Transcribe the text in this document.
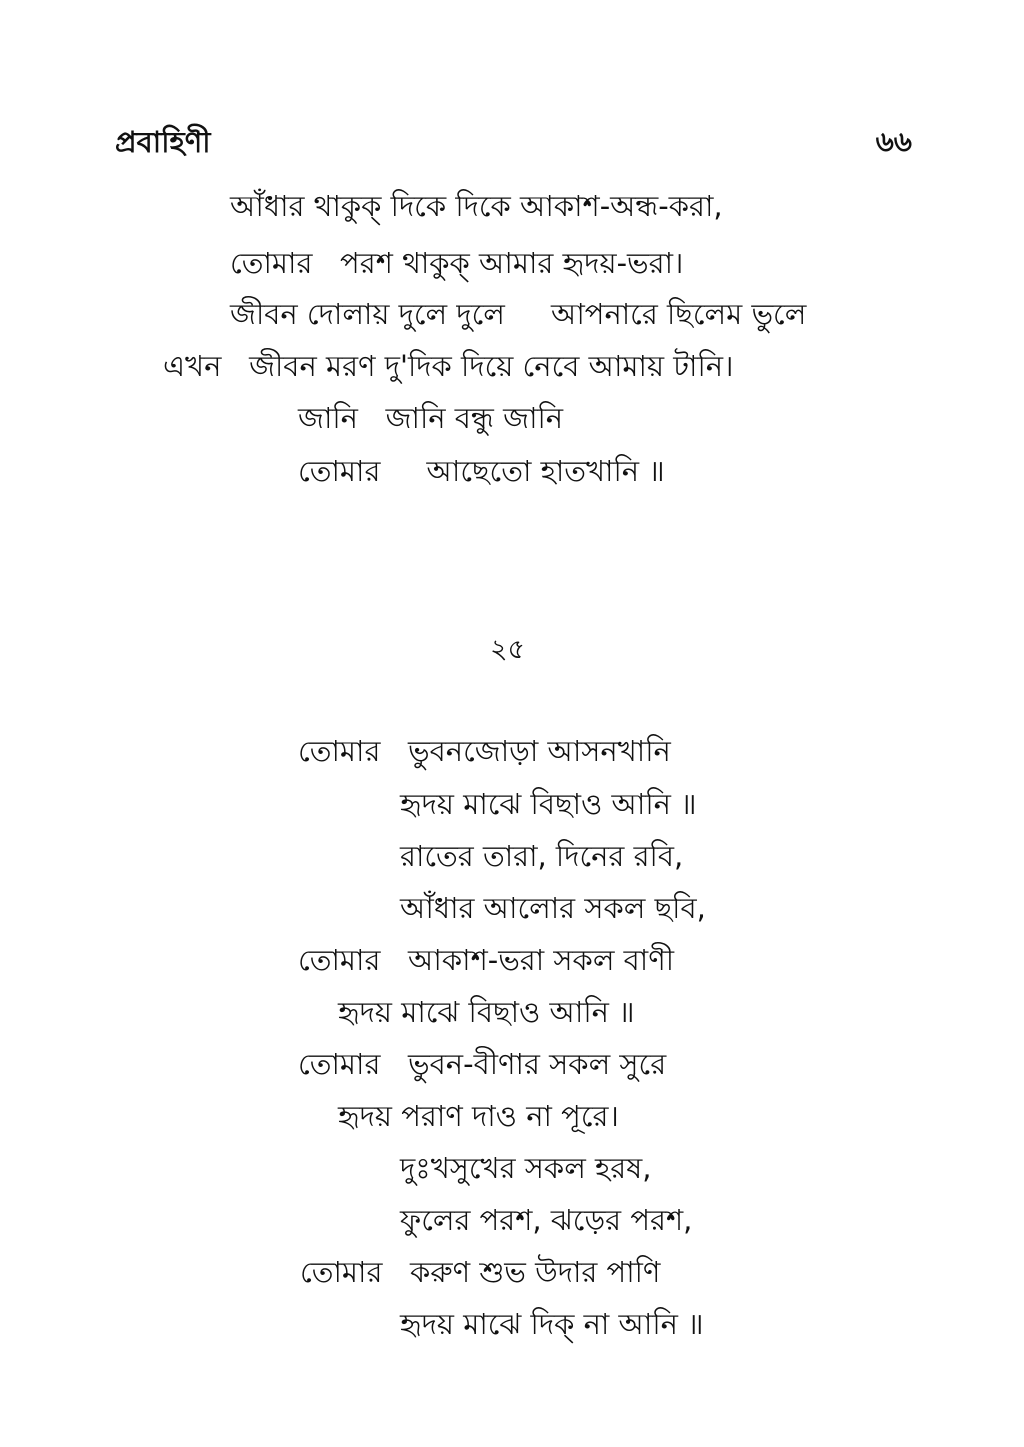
প্রবাহিণী	৬৬
আঁধার থাকুক্ দিকে দিকে আকাশ-অন্ধ-করা,
তোমার   পরশ থাকুক্ আমার হৃদয়-ভরা।
জীবন দোলায় দুলে দুলে     আপনারে ছিলেম ভুলে
এখন   জীবন মরণ দু'দিক দিয়ে নেবে আমায় টানি।
জানি   জানি বন্ধু জানি
তোমার     আছেতো হাতখানি ॥
২৫
তোমার   ভুবনজোড়া আসনখানি
হৃদয় মাঝে বিছাও আনি ॥
রাতের তারা, দিনের রবি,
আঁধার আলোর সকল ছবি,
তোমার   আকাশ-ভরা সকল বাণী
হৃদয় মাঝে বিছাও আনি ॥
তোমার   ভুবন-বীণার সকল সুরে
হৃদয় পরাণ দাও না পূরে।
দুঃখসুখের সকল হরষ,
ফুলের পরশ, ঝড়ের পরশ,
তোমার   করুণ শুভ উদার পাণি
হৃদয় মাঝে দিক্ না আনি ॥
